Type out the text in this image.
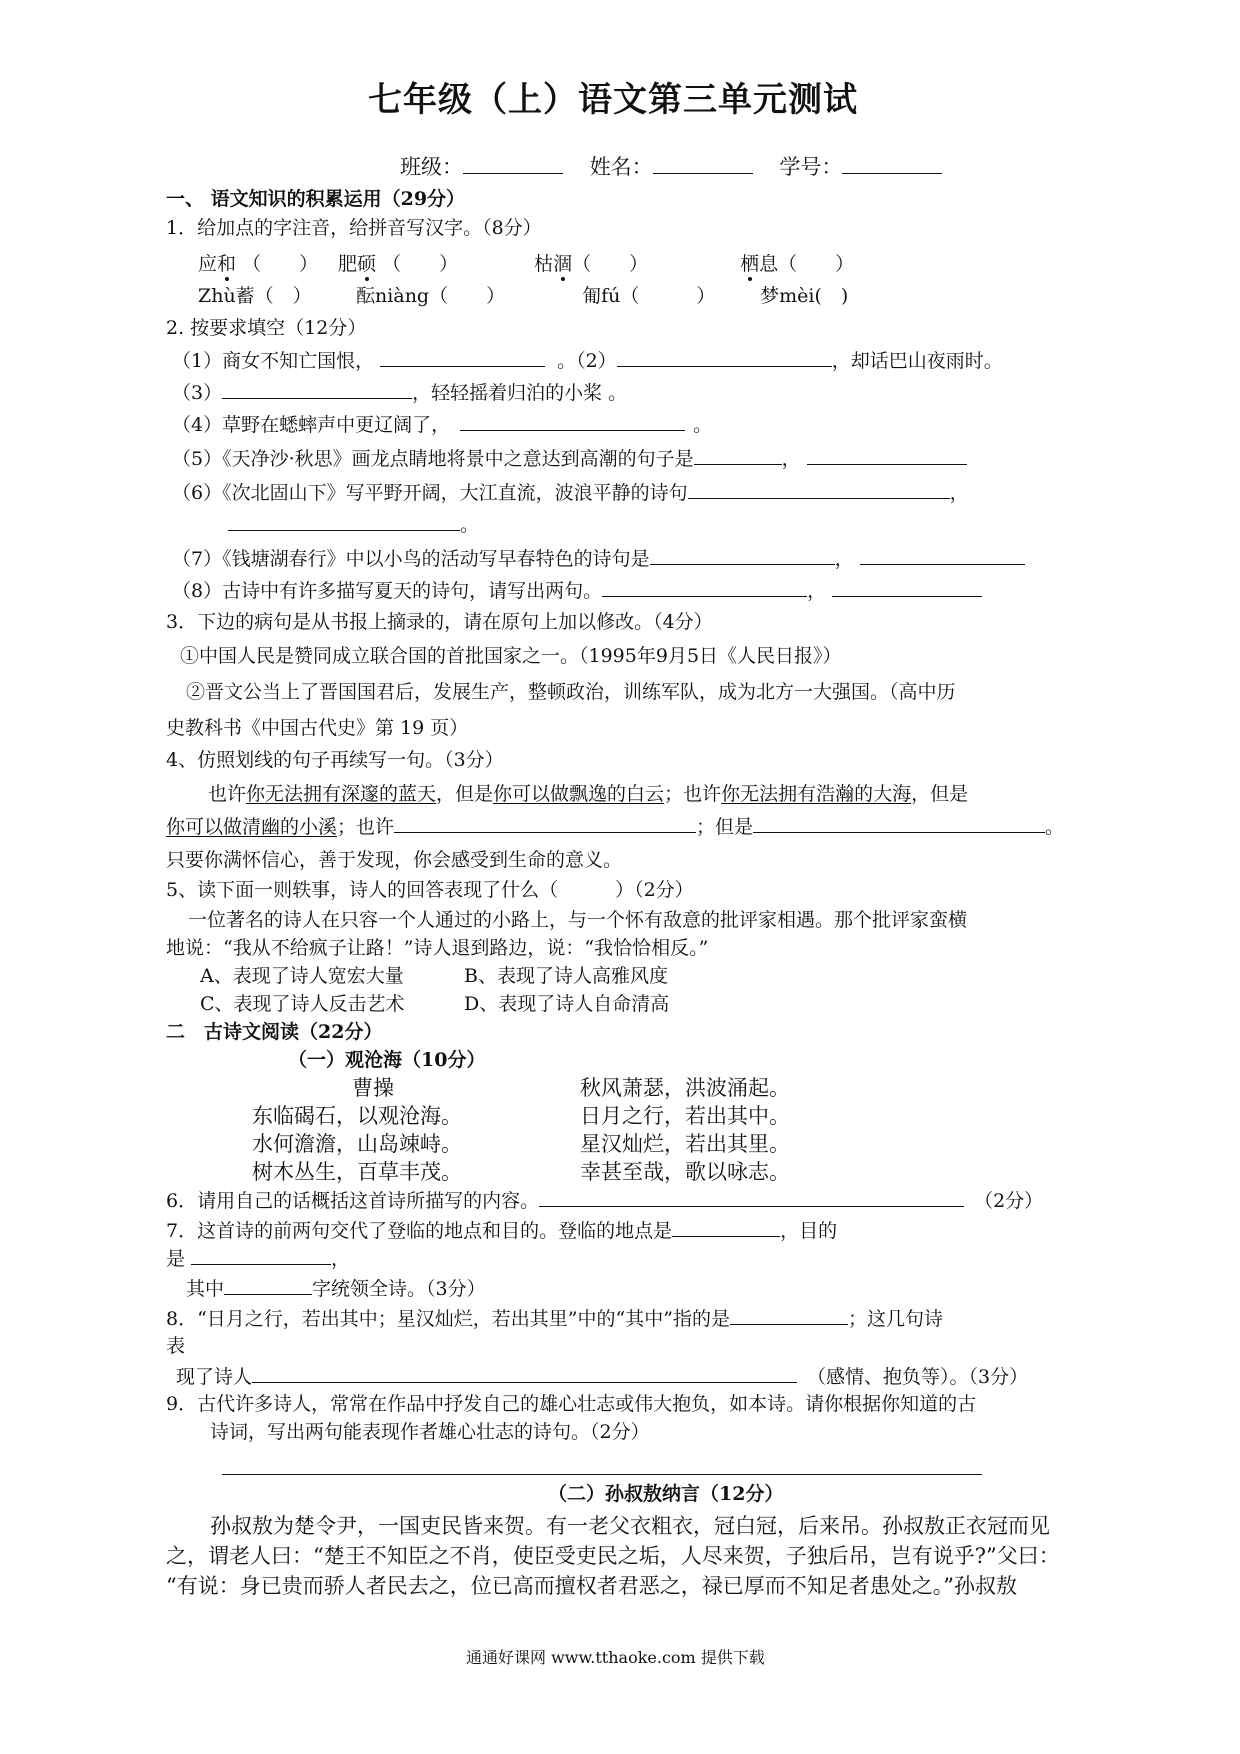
七年级（上）语文第三单元测试
班级：	姓名：	学号：
一、 语文知识的积累运用（29分）
1．给加点的字注音，给拼音写汉字。（8分）
应和 （　　） 肥硕 （　　）	枯涸（　　）	栖息（　　）
Zhù蓄（　） 酝niàng（　　）	匍fú（　　　） 梦mèi(　)
2. 按要求填空（12分）
（1）商女不知亡国恨，	。（2）	，却话巴山夜雨时。
（3）	，轻轻摇着归泊的小桨 。
（4）草野在蟋蟀声中更辽阔了，	。
（5）《天净沙·秋思》画龙点睛地将景中之意达到高潮的句子是	，
（6）《次北固山下》写平野开阔，大江直流，波浪平静的诗句	，
。
（7）《钱塘湖春行》中以小鸟的活动写早春特色的诗句是	，
（8）古诗中有许多描写夏天的诗句，请写出两句。	，
3．下边的病句是从书报上摘录的，请在原句上加以修改。（4分）
①中国人民是赞同成立联合国的首批国家之一。（1995年9月5日《人民日报》）
②晋文公当上了晋国国君后，发展生产，整顿政治，训练军队，成为北方一大强国。（高中历
史教科书《中国古代史》第 19 页）
4、仿照划线的句子再续写一句。（3分）
也许你无法拥有深邃的蓝天，但是你可以做飘逸的白云；也许你无法拥有浩瀚的大海，但是
你可以做清幽的小溪；也许	；但是	。
只要你满怀信心，善于发现，你会感受到生命的意义。
5、读下面一则轶事，诗人的回答表现了什么（　　　）（2分）
一位著名的诗人在只容一个人通过的小路上，与一个怀有敌意的批评家相遇。那个批评家蛮横
地说：“我从不给疯子让路！”诗人退到路边，说：“我恰恰相反。”
A、表现了诗人宽宏大量	B、表现了诗人高雅风度
C、表现了诗人反击艺术	D、表现了诗人自命清高
二　古诗文阅读（22分）
（一）观沧海（10分）
曹操
东临碣石，以观沧海。
水何澹澹，山岛竦峙。
树木丛生，百草丰茂。
秋风萧瑟，洪波涌起。
日月之行，若出其中。
星汉灿烂，若出其里。
幸甚至哉，歌以咏志。
6．请用自己的话概括这首诗所描写的内容。	（2分）
7．这首诗的前两句交代了登临的地点和目的。登临的地点是	，目的
是	，
其中	字统领全诗。（3分）
8．“日月之行，若出其中；星汉灿烂，若出其里”中的“其中”指的是	；这几句诗
表
现了诗人	（感情、抱负等）。（3分）
9．古代许多诗人，常常在作品中抒发自己的雄心壮志或伟大抱负，如本诗。请你根据你知道的古
诗词，写出两句能表现作者雄心壮志的诗句。（2分）
（二）孙叔敖纳言（12分）
孙叔敖为楚令尹，一国吏民皆来贺。有一老父衣粗衣，冠白冠，后来吊。孙叔敖正衣冠而见
之，谓老人曰：“楚王不知臣之不肖，使臣受吏民之垢，人尽来贺，子独后吊，岂有说乎?”父曰：
“有说：身已贵而骄人者民去之，位已高而擅权者君恶之，禄已厚而不知足者患处之。”孙叔敖
通通好课网 www.tthaoke.com 提供下载
